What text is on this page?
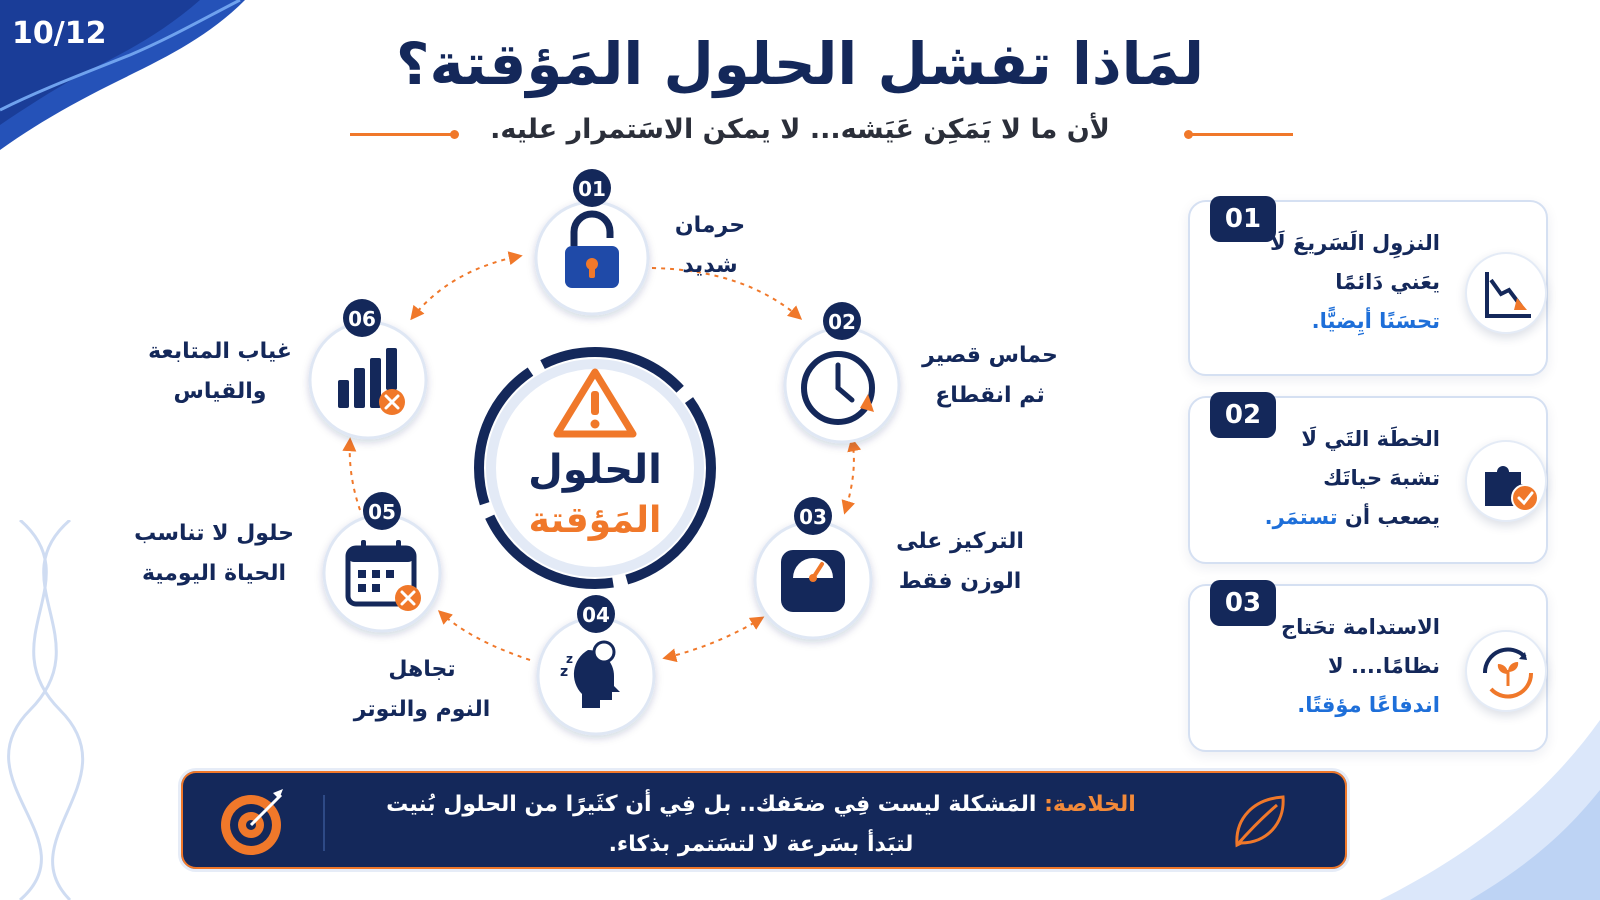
10/12	لمَاذا تفشل الحلول المَؤقتة؟
لأن ما لا يَمَكِن عَيَشه... لا يمكن الاسَتمرار عليه.
الحلول
المَؤقتة
01
02
03
z
z
04
05
06
حرمان
شديد
حماس قصير
ثم انقطاع
التركيز على
الوزن فقط
تجاهل
النوم والتوتر
حلول لا تناسب
الحياة اليومية
غياب المتابعة
والقياس
01
النزوِل الَسَريعَ لَا
يعَني دَائمًا
تحسَنًا أيِضيًّا.
02
الخطَة التَي لَا
تشبهَ حياتَك
يصعب أن تستمَر.
03
الاستدامة تحَتاج
نظامًا.... لا
اندفاعًا مؤقتًا.
الخلاصة: المَشكلة ليست فِي ضعَفك.. بل فِي أن كثَيرًا من الحلول بُنيت
لتبَدأ بسَرعة لا لتسَتمر بذكاء.
